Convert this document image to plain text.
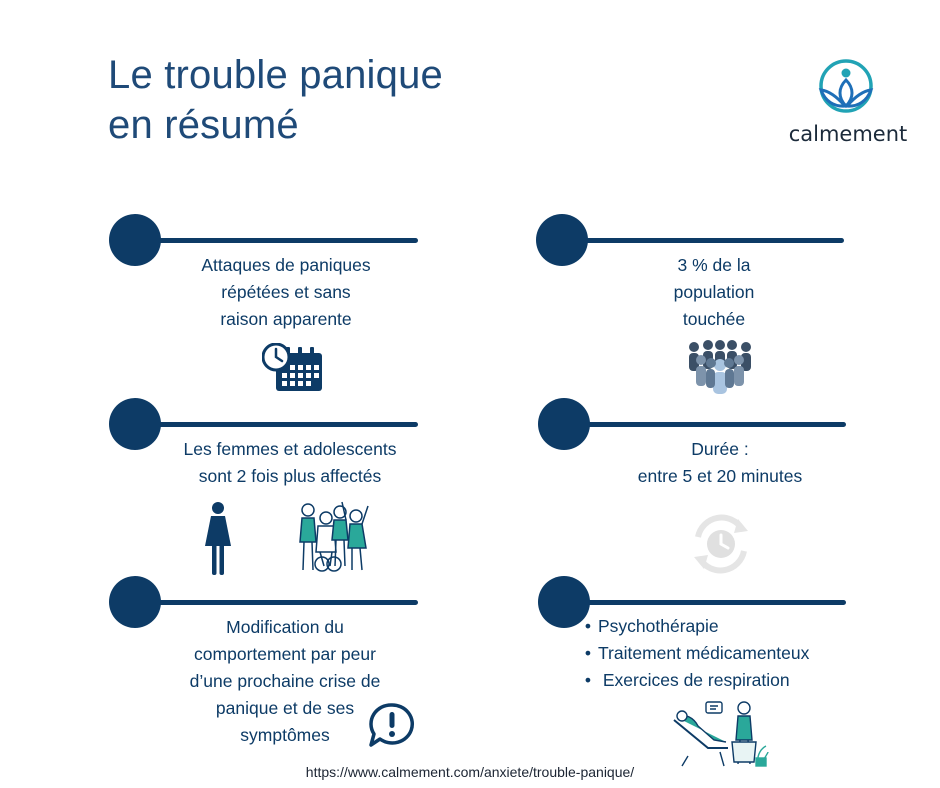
Le trouble panique
en résumé	calmement
Attaques de paniques
répétées et sans
raison apparente
3 % de la
population
touchée
Les femmes et adolescents
sont 2 fois plus affectés
Durée :
entre 5 et 20 minutes
Modification du
comportement par peur
d’une prochaine crise de
panique et de ses
symptômes
• Psychothérapie
• Traitement médicamenteux
• Exercices de respiration
https://www.calmement.com/anxiete/trouble-panique/
